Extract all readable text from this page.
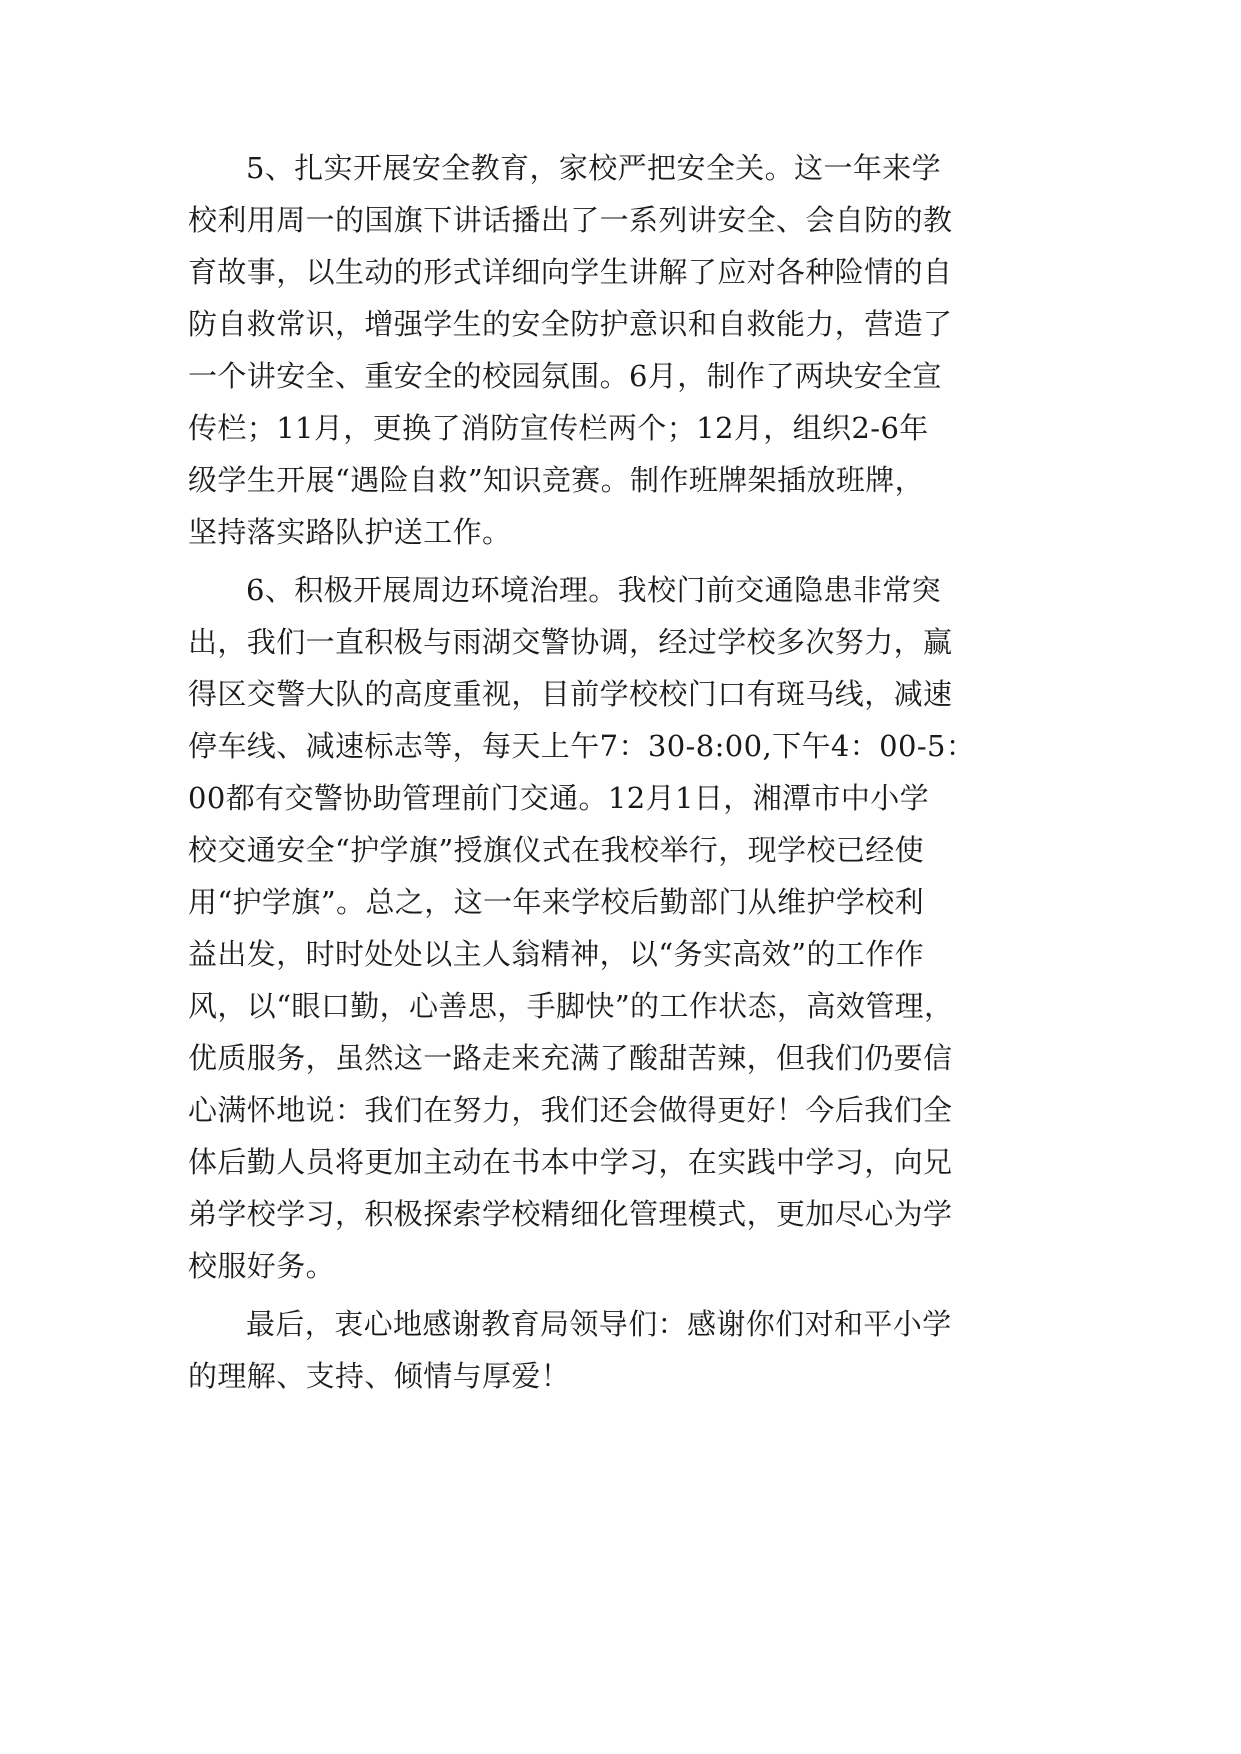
5、扎实开展安全教育，家校严把安全关。这一年来学
校利用周一的国旗下讲话播出了一系列讲安全、会自防的教
育故事，以生动的形式详细向学生讲解了应对各种险情的自
防自救常识，增强学生的安全防护意识和自救能力，营造了
一个讲安全、重安全的校园氛围。6月，制作了两块安全宣
传栏；11月，更换了消防宣传栏两个；12月，组织2-6年
级学生开展“遇险自救”知识竞赛。制作班牌架插放班牌，
坚持落实路队护送工作。
6、积极开展周边环境治理。我校门前交通隐患非常突
出，我们一直积极与雨湖交警协调，经过学校多次努力，赢
得区交警大队的高度重视，目前学校校门口有斑马线，减速
停车线、减速标志等，每天上午7：30-8:00,下午4：00-5：
00都有交警协助管理前门交通。12月1日，湘潭市中小学
校交通安全“护学旗”授旗仪式在我校举行，现学校已经使
用“护学旗”。总之，这一年来学校后勤部门从维护学校利
益出发，时时处处以主人翁精神，以“务实高效”的工作作
风，以“眼口勤，心善思，手脚快”的工作状态，高效管理，
优质服务，虽然这一路走来充满了酸甜苦辣，但我们仍要信
心满怀地说：我们在努力，我们还会做得更好！今后我们全
体后勤人员将更加主动在书本中学习，在实践中学习，向兄
弟学校学习，积极探索学校精细化管理模式，更加尽心为学
校服好务。
最后，衷心地感谢教育局领导们：感谢你们对和平小学
的理解、支持、倾情与厚爱！
